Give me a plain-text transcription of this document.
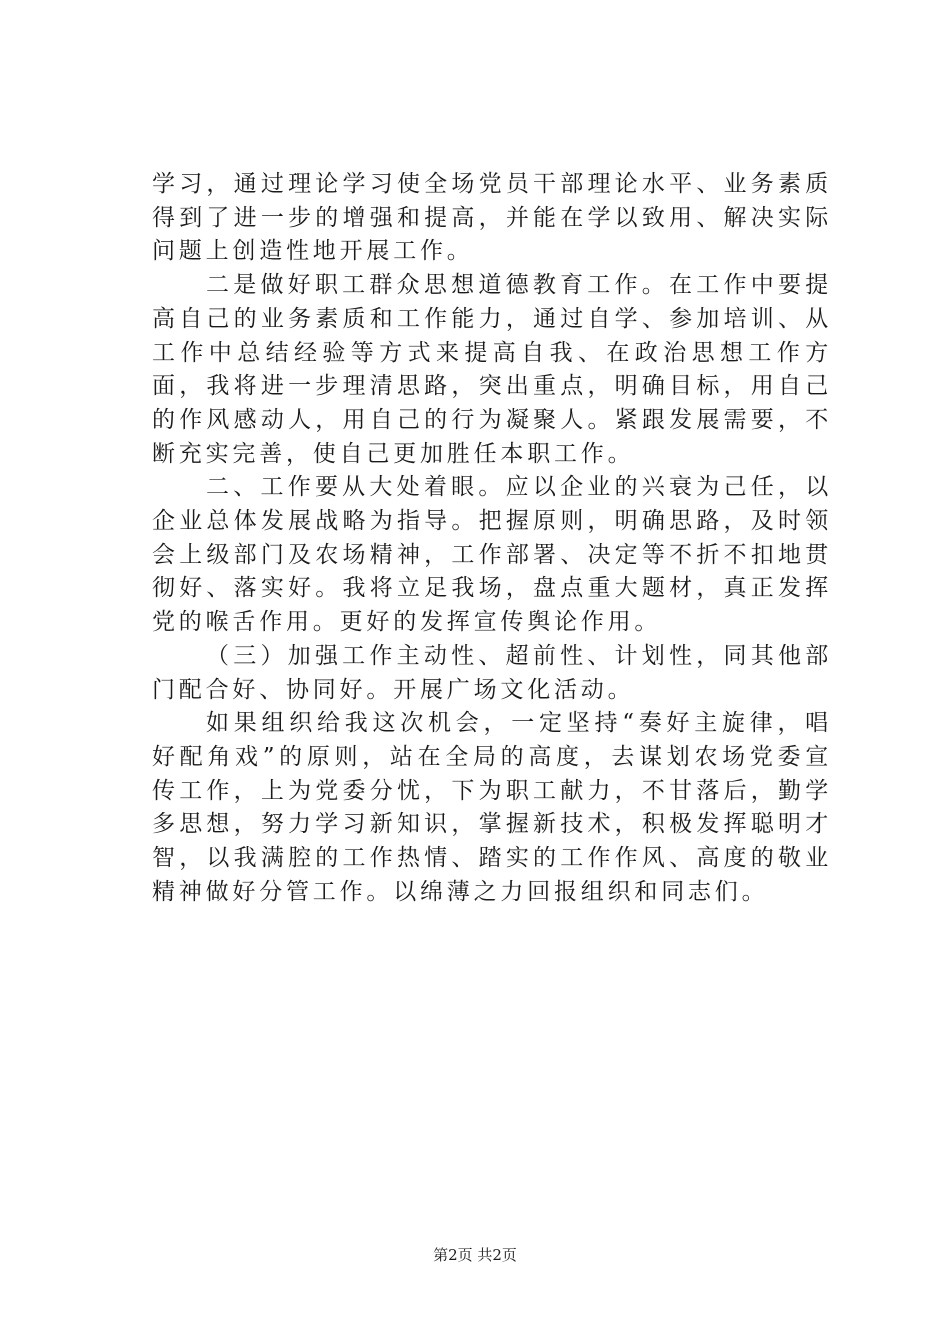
学习，通过理论学习使全场党员干部理论水平、业务素质得到了进一步的增强和提高，并能在学以致用、解决实际问题上创造性地开展工作。

二是做好职工群众思想道德教育工作。在工作中要提高自己的业务素质和工作能力，通过自学、参加培训、从工作中总结经验等方式来提高自我、在政治思想工作方面，我将进一步理清思路，突出重点，明确目标，用自己的作风感动人，用自己的行为凝聚人。紧跟发展需要，不断充实完善，使自己更加胜任本职工作。

二、工作要从大处着眼。应以企业的兴衰为己任，以企业总体发展战略为指导。把握原则，明确思路，及时领会上级部门及农场精神，工作部署、决定等不折不扣地贯彻好、落实好。我将立足我场，盘点重大题材，真正发挥党的喉舌作用。更好的发挥宣传舆论作用。

（三）加强工作主动性、超前性、计划性，同其他部门配合好、协同好。开展广场文化活动。

如果组织给我这次机会，一定坚持“奏好主旋律，唱好配角戏”的原则，站在全局的高度，去谋划农场党委宣传工作，上为党委分忧，下为职工献力，不甘落后，勤学多思想，努力学习新知识，掌握新技术，积极发挥聪明才智，以我满腔的工作热情、踏实的工作作风、高度的敬业精神做好分管工作。以绵薄之力回报组织和同志们。

第2页 共2页
